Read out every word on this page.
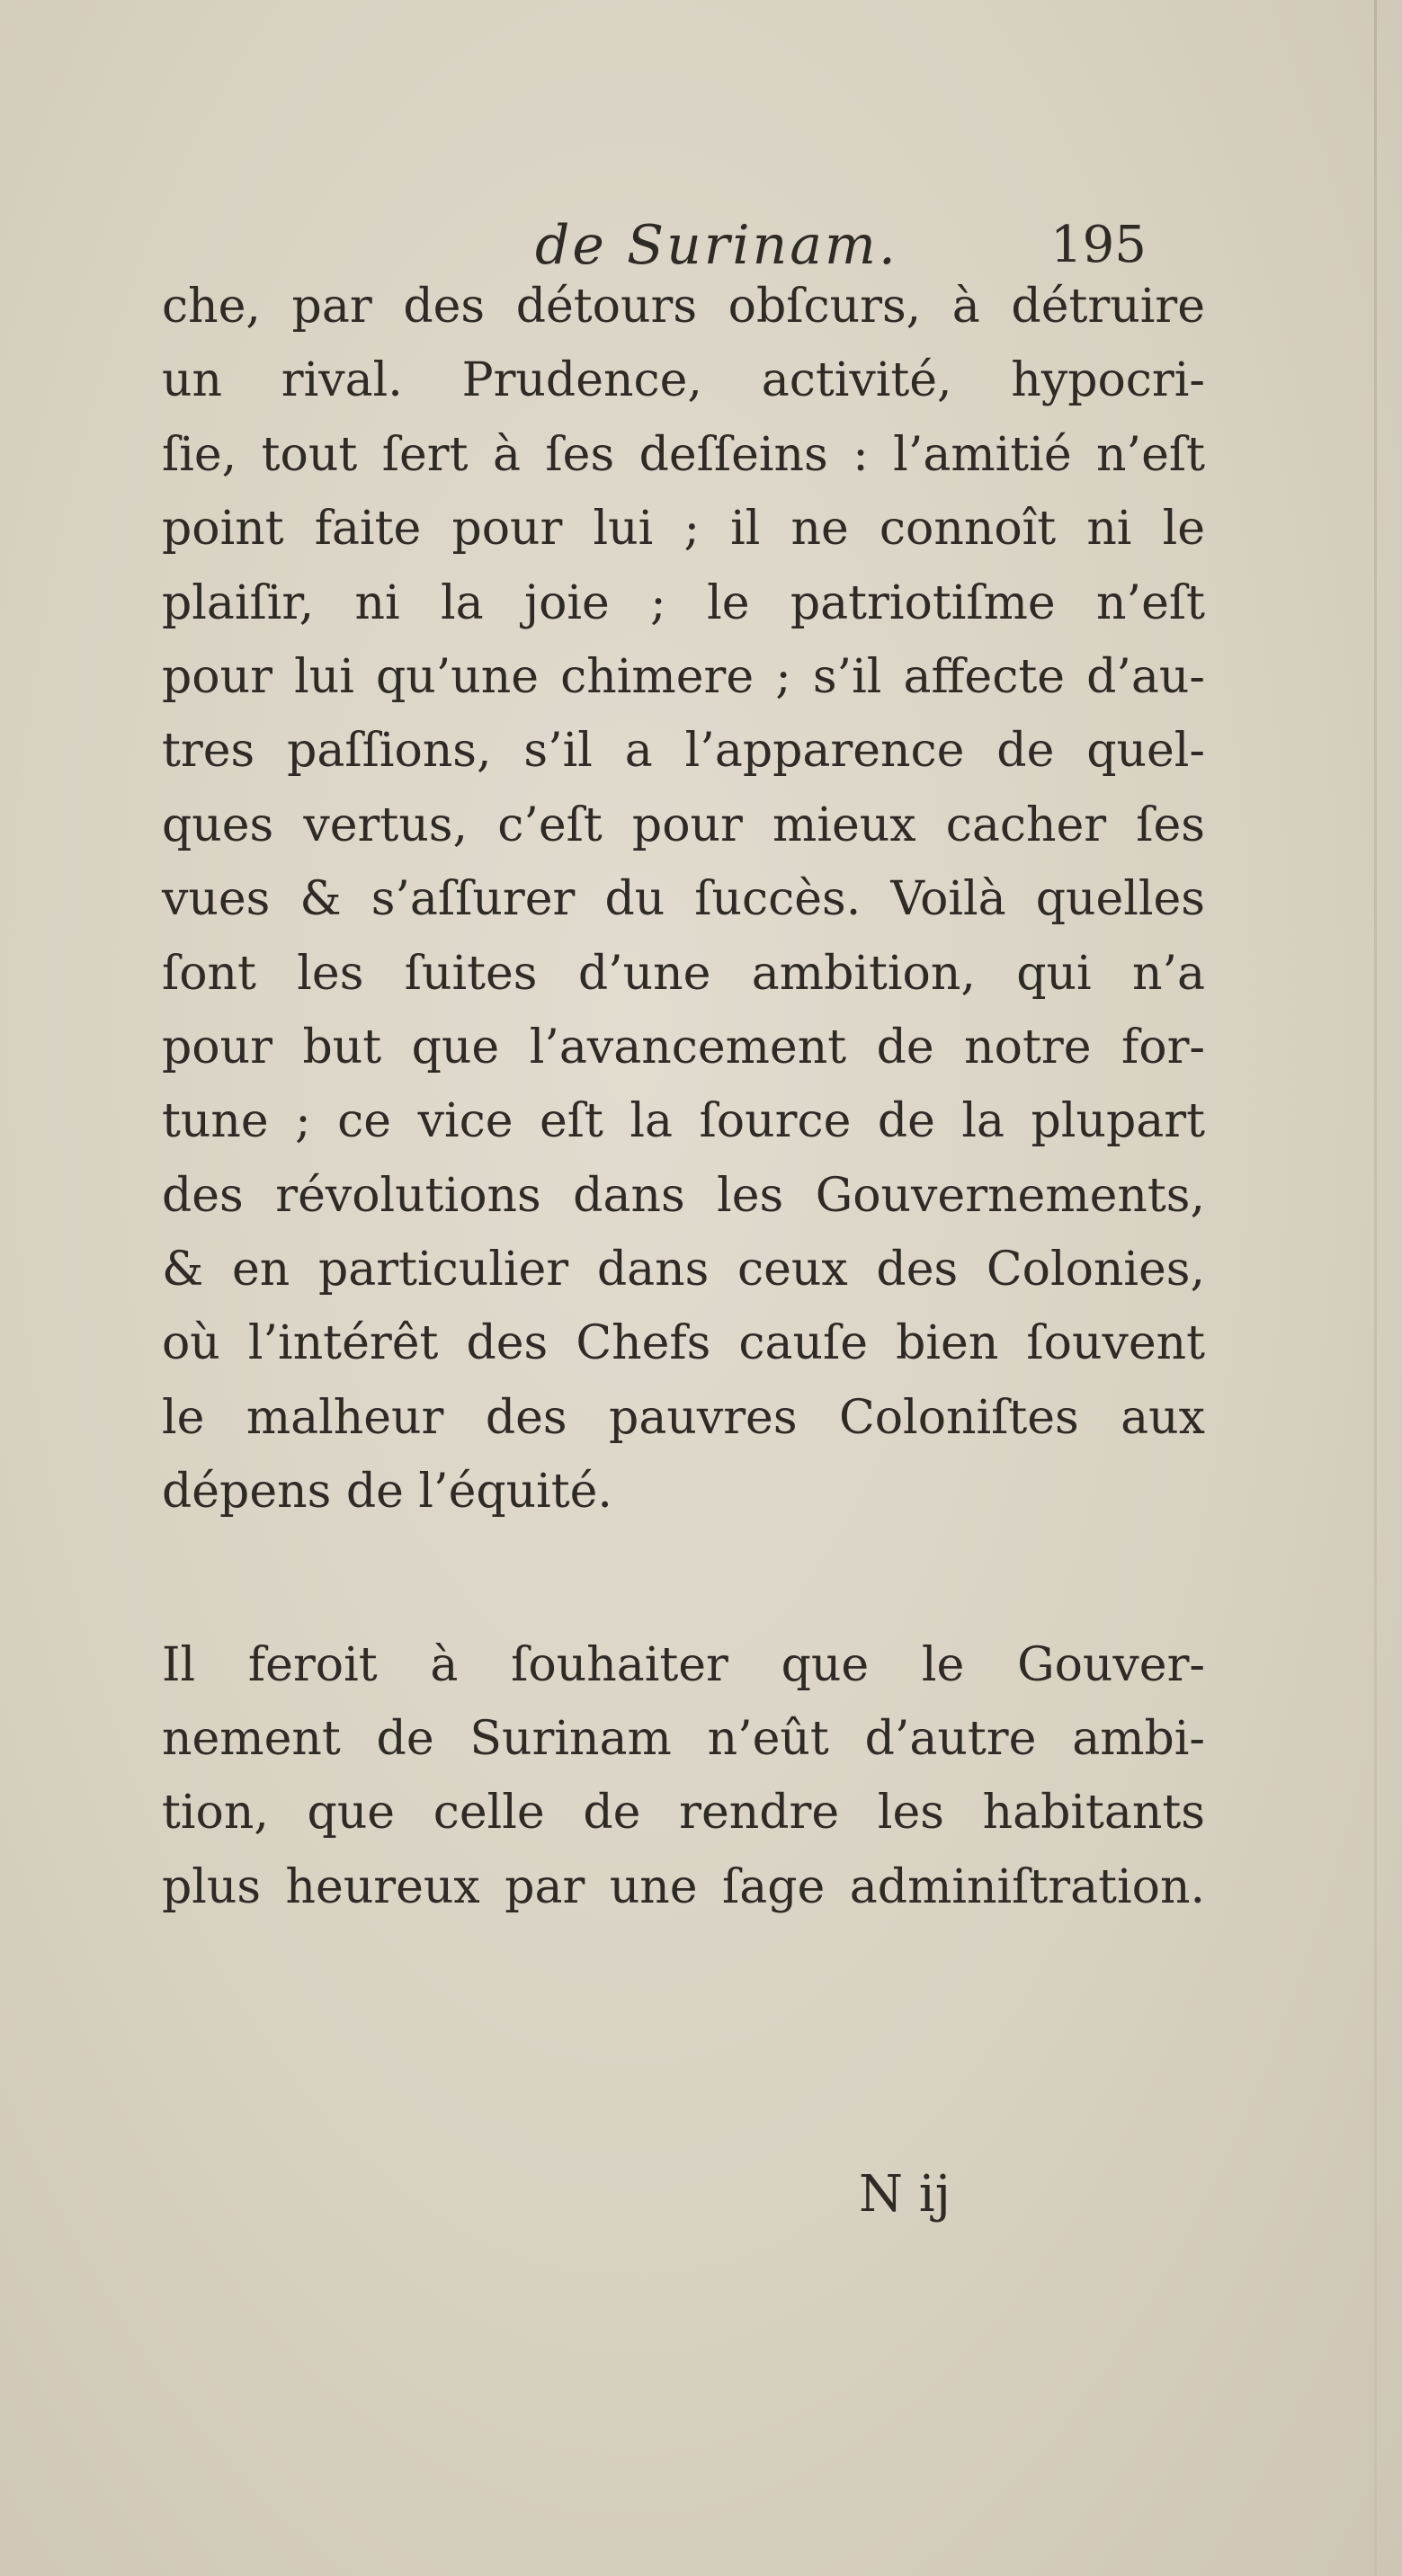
de Surinam.	195
che, par des détours obſcurs, à détruire
un rival. Prudence, activité, hypocri-
ſie, tout ſert à ſes deſſeins : l’amitié n’eſt
point faite pour lui ; il ne connoît ni le
plaiſir, ni la joie ; le patriotiſme n’eſt
pour lui qu’une chimere ; s’il affecte d’au-
tres paſſions, s’il a l’apparence de quel-
ques vertus, c’eſt pour mieux cacher ſes
vues & s’aſſurer du ſuccès. Voilà quelles
ſont les ſuites d’une ambition, qui n’a
pour but que l’avancement de notre for-
tune ; ce vice eſt la ſource de la plupart
des révolutions dans les Gouvernements,
& en particulier dans ceux des Colonies,
où l’intérêt des Chefs cauſe bien ſouvent
le malheur des pauvres Coloniſtes aux
dépens de l’équité.
Il feroit à ſouhaiter que le Gouver-
nement de Surinam n’eût d’autre ambi-
tion, que celle de rendre les habitants
plus heureux par une ſage adminiſtration.
N ij
